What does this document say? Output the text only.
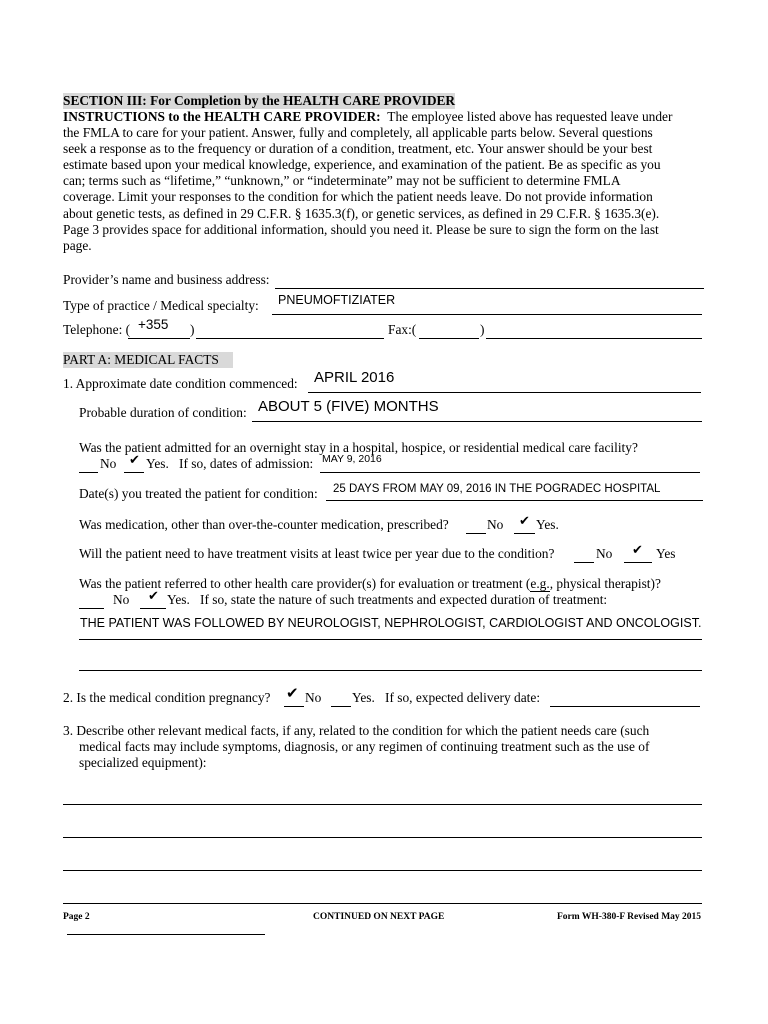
SECTION III: For Completion by the HEALTH CARE PROVIDER
INSTRUCTIONS to the HEALTH CARE PROVIDER: The employee listed above has requested leave under
the FMLA to care for your patient. Answer, fully and completely, all applicable parts below. Several questions
seek a response as to the frequency or duration of a condition, treatment, etc. Your answer should be your best
estimate based upon your medical knowledge, experience, and examination of the patient. Be as specific as you
can; terms such as “lifetime,” “unknown,” or “indeterminate” may not be sufficient to determine FMLA
coverage. Limit your responses to the condition for which the patient needs leave. Do not provide information
about genetic tests, as defined in 29 C.F.R. § 1635.3(f), or genetic services, as defined in 29 C.F.R. § 1635.3(e).
Page 3 provides space for additional information, should you need it. Please be sure to sign the form on the last
page.
Provider’s name and business address:
Type of practice / Medical specialty: PNEUMOFTIZIATER
Telephone: ( +355 )	Fax:(	)
PART A: MEDICAL FACTS
1. Approximate date condition commenced: APRIL 2016
Probable duration of condition: ABOUT 5 (FIVE) MONTHS
Was the patient admitted for an overnight stay in a hospital, hospice, or residential medical care facility?
No ✔ Yes. If so, dates of admission: MAY 9, 2016
Date(s) you treated the patient for condition: 25 DAYS FROM MAY 09, 2016 IN THE POGRADEC HOSPITAL
Was medication, other than over-the-counter medication, prescribed?	No ✔ Yes.
Will the patient need to have treatment visits at least twice per year due to the condition?	No ✔ Yes
Was the patient referred to other health care provider(s) for evaluation or treatment (e.g., physical therapist)?
No ✔ Yes. If so, state the nature of such treatments and expected duration of treatment:
THE PATIENT WAS FOLLOWED BY NEUROLOGIST, NEPHROLOGIST, CARDIOLOGIST AND ONCOLOGIST.
2. Is the medical condition pregnancy? ✔ No Yes. If so, expected delivery date:
3. Describe other relevant medical facts, if any, related to the condition for which the patient needs care (such
medical facts may include symptoms, diagnosis, or any regimen of continuing treatment such as the use of
specialized equipment):
Page 2	CONTINUED ON NEXT PAGE	Form WH-380-F Revised May 2015
